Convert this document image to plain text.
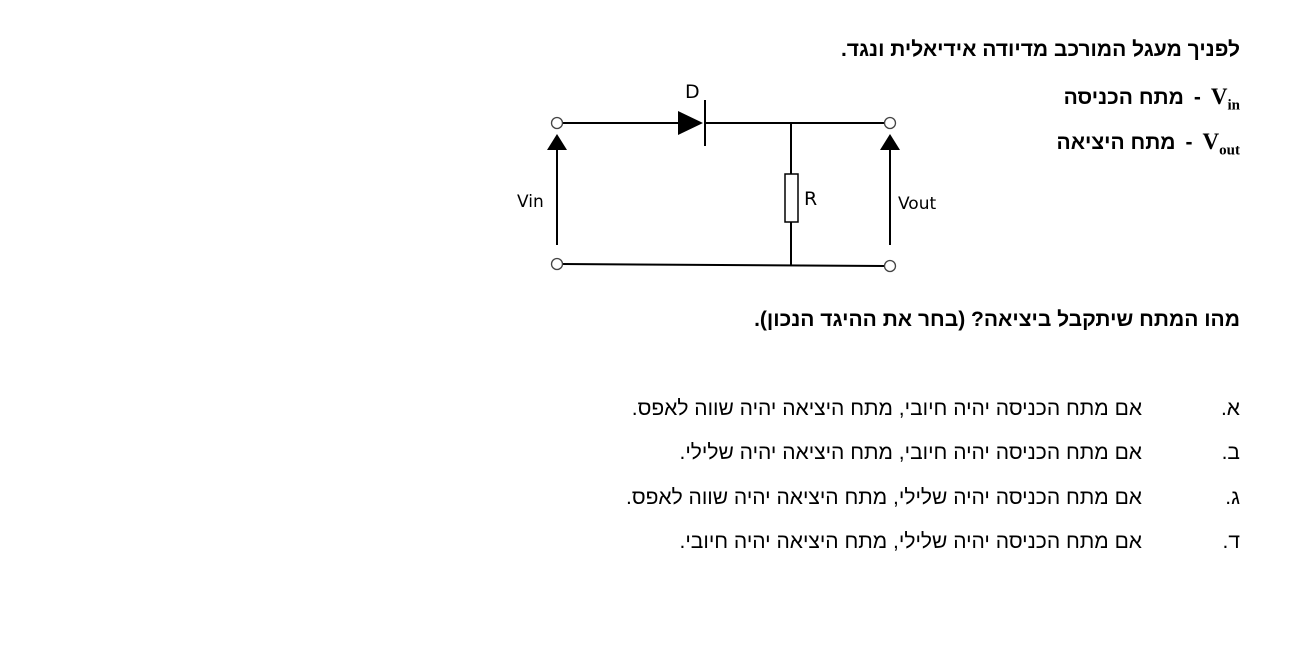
לפניך מעגל המורכב מדיודה אידיאלית ונגד.
$V_{in}$
-
מתח הכניסה
$V_{out}$
-
מתח היציאה
D
R
Vin	Vout
מהו המתח שיתקבל ביציאה? (בחר את ההיגד הנכון).
א.
אם מתח הכניסה יהיה חיובי, מתח היציאה יהיה שווה לאפס.
ב.
אם מתח הכניסה יהיה חיובי, מתח היציאה יהיה שלילי.
ג.
אם מתח הכניסה יהיה שלילי, מתח היציאה יהיה שווה לאפס.
ד.
אם מתח הכניסה יהיה שלילי, מתח היציאה יהיה חיובי.
